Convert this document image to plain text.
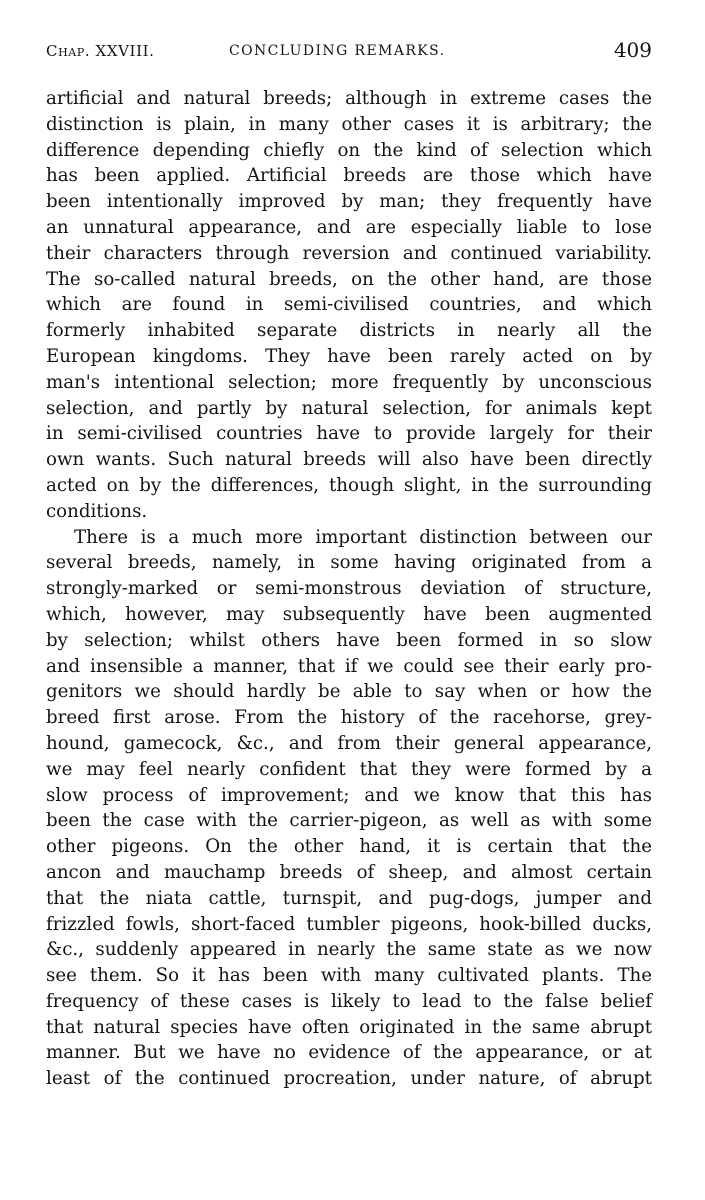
Chap. XXVIII.	CONCLUDING REMARKS.	409
artificial and natural breeds; although in extreme cases the
distinction is plain, in many other cases it is arbitrary; the
difference depending chiefly on the kind of selection which
has been applied. Artificial breeds are those which have
been intentionally improved by man; they frequently have
an unnatural appearance, and are especially liable to lose
their characters through reversion and continued variability.
The so-called natural breeds, on the other hand, are those
which are found in semi-civilised countries, and which
formerly inhabited separate districts in nearly all the
European kingdoms. They have been rarely acted on by
man's intentional selection; more frequently by unconscious
selection, and partly by natural selection, for animals kept
in semi-civilised countries have to provide largely for their
own wants. Such natural breeds will also have been directly
acted on by the differences, though slight, in the surrounding
conditions.
There is a much more important distinction between our
several breeds, namely, in some having originated from a
strongly-marked or semi-monstrous deviation of structure,
which, however, may subsequently have been augmented
by selection; whilst others have been formed in so slow
and insensible a manner, that if we could see their early pro-
genitors we should hardly be able to say when or how the
breed first arose. From the history of the racehorse, grey-
hound, gamecock, &c., and from their general appearance,
we may feel nearly confident that they were formed by a
slow process of improvement; and we know that this has
been the case with the carrier-pigeon, as well as with some
other pigeons. On the other hand, it is certain that the
ancon and mauchamp breeds of sheep, and almost certain
that the niata cattle, turnspit, and pug-dogs, jumper and
frizzled fowls, short-faced tumbler pigeons, hook-billed ducks,
&c., suddenly appeared in nearly the same state as we now
see them. So it has been with many cultivated plants. The
frequency of these cases is likely to lead to the false belief
that natural species have often originated in the same abrupt
manner. But we have no evidence of the appearance, or at
least of the continued procreation, under nature, of abrupt
